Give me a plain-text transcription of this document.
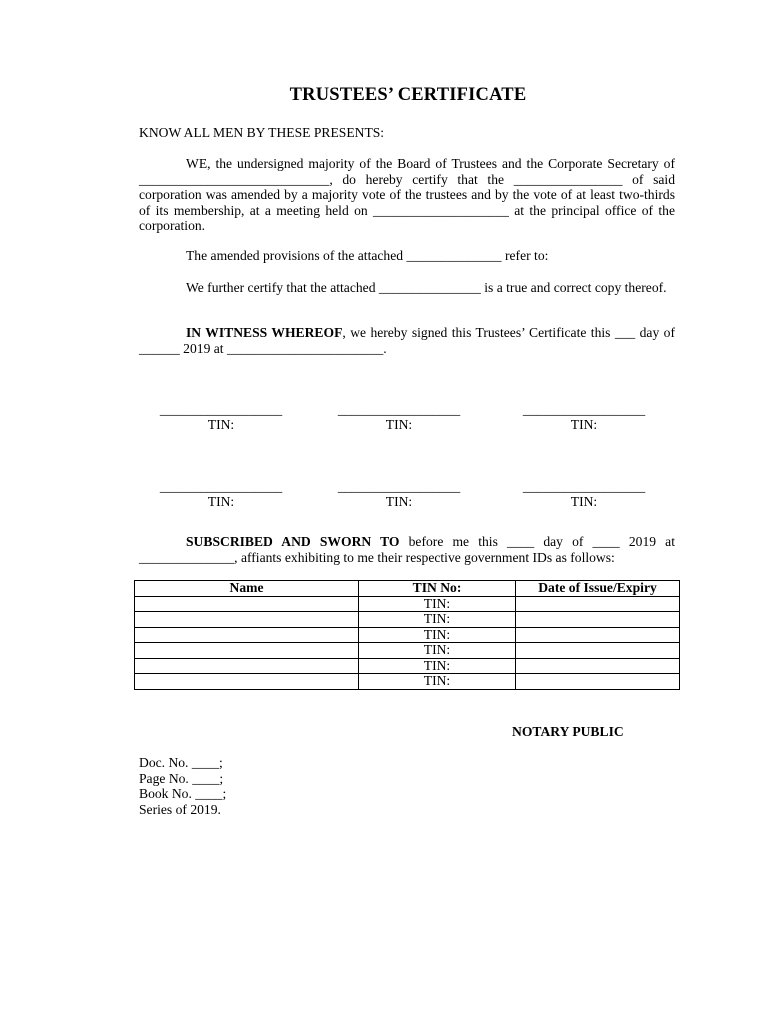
TRUSTEES’ CERTIFICATE

KNOW ALL MEN BY THESE PRESENTS:

WE, the undersigned majority of the Board of Trustees and the Corporate Secretary of ____________________________, do hereby certify that the ________________ of said corporation was amended by a majority vote of the trustees and by the vote of at least two-thirds of its membership, at a meeting held on ____________________ at the principal office of the corporation.

The amended provisions of the attached ______________ refer to:

We further certify that the attached _______________ is a true and correct copy thereof.

IN WITNESS WHEREOF, we hereby signed this Trustees’ Certificate this ___ day of ______ 2019 at _______________________.

__________________
TIN:
__________________
TIN:
__________________
TIN:
__________________
TIN:
__________________
TIN:
__________________
TIN:

SUBSCRIBED AND SWORN TO before me this ____ day of ____ 2019 at ______________, affiants exhibiting to me their respective government IDs as follows:

Name	TIN No:	Date of Issue/Expiry
	TIN:	
	TIN:	
	TIN:	
	TIN:	
	TIN:	
	TIN:	

NOTARY PUBLIC

Doc. No. ____;
Page No. ____;
Book No. ____;
Series of 2019.
